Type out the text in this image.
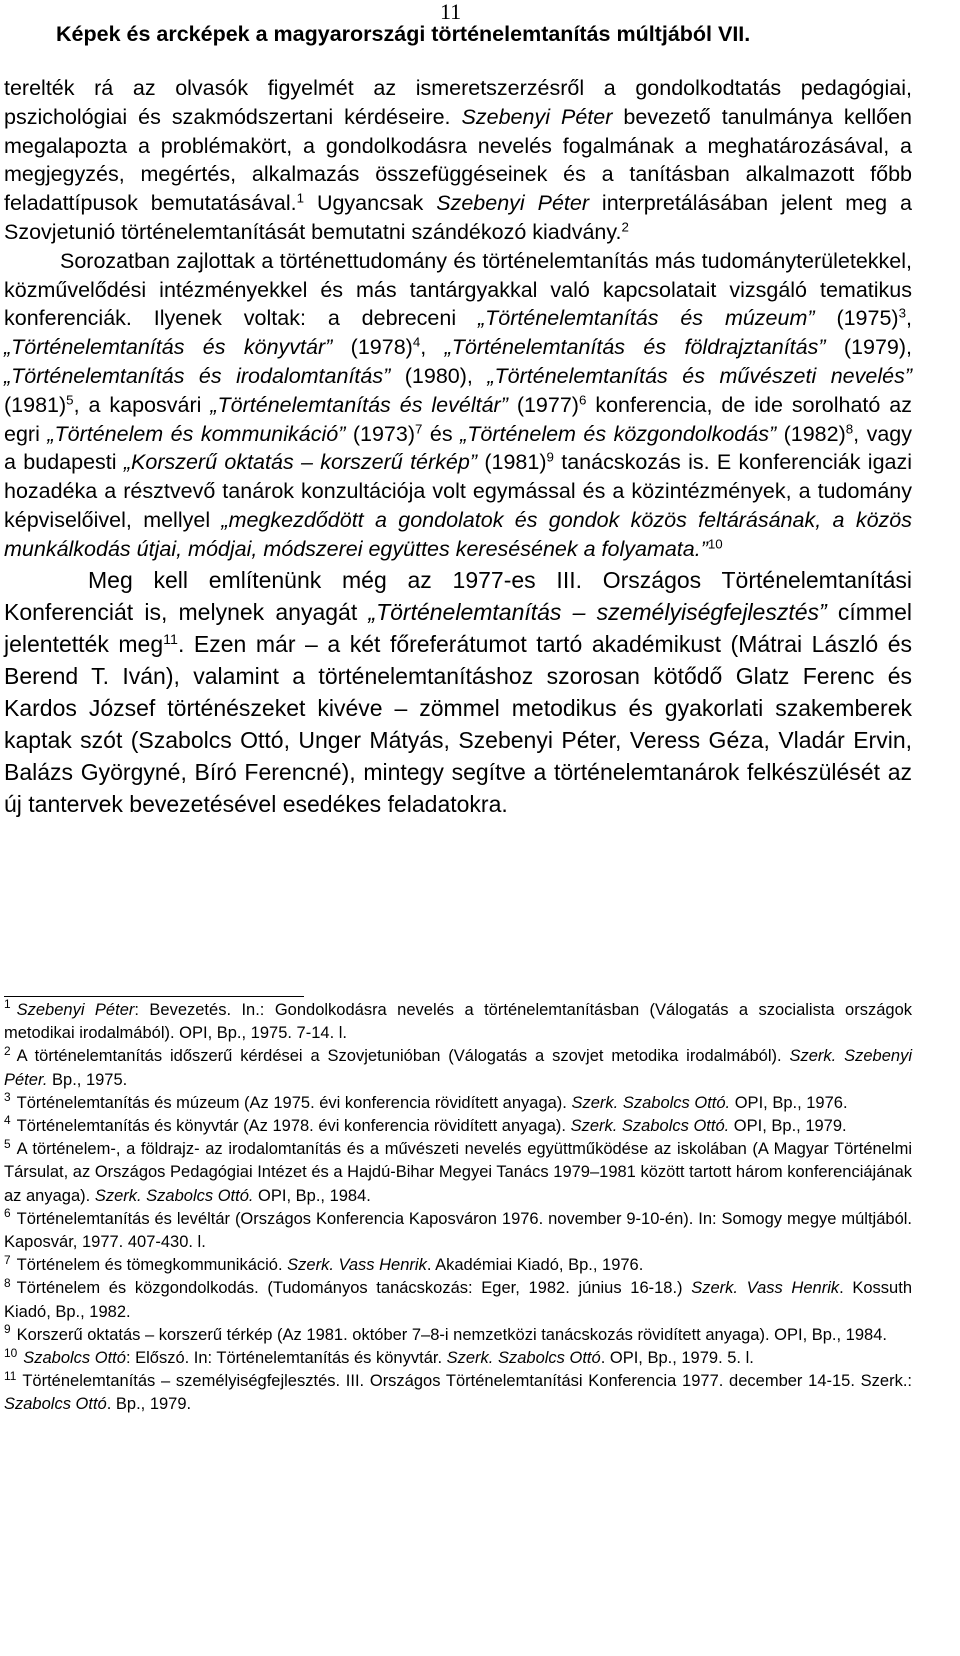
11
Képek és arcképek a magyarországi történelemtanítás múltjából VII.

terelték rá az olvasók figyelmét az ismeretszerzésről a gondolkodtatás pedagógiai, pszichológiai és szakmódszertani kérdéseire. Szebenyi Péter bevezető tanulmánya kellően megalapozta a problémakört, a gondolkodásra nevelés fogalmának a meghatározásával, a megjegyzés, megértés, alkalmazás összefüggéseinek és a tanításban alkalmazott főbb feladattípusok bemutatásával.$^1$ Ugyancsak Szebenyi Péter interpretálásában jelent meg a Szovjetunió történelemtanítását bemutatni szándékozó kiadvány.$^2$

Sorozatban zajlottak a történettudomány és történelemtanítás más tudományterületekkel, közművelődési intézményekkel és más tantárgyakkal való kapcsolatait vizsgáló tematikus konferenciák. Ilyenek voltak: a debreceni „Történelemtanítás és múzeum” $(1975)^3$, „Történelemtanítás és könyvtár” $(1978)^4$, „Történelemtanítás és földrajztanítás” (1979), „Történelemtanítás és irodalomtanítás” (1980), „Történelemtanítás és művészeti nevelés” $(1981)^5$, a kaposvári „Történelemtanítás és levéltár” $(1977)^6$ konferencia, de ide sorolható az egri „Történelem és kommunikáció” $(1973)^7$ és „Történelem és közgondolkodás” $(1982)^8$, vagy a budapesti „Korszerű oktatás – korszerű térkép” $(1981)^9$ tanácskozás is. E konferenciák igazi hozadéka a résztvevő tanárok konzultációja volt egymással és a közintézmények, a tudomány képviselőivel, mellyel „megkezdődött a gondolatok és gondok közös feltárásának, a közös munkálkodás útjai, módjai, módszerei együttes keresésének a folyamata.”$^{10}$

Meg kell említenünk még az 1977-es III. Országos Történelemtanítási Konferenciát is, melynek anyagát „Történelemtanítás – személyiségfejlesztés” címmel jelentették meg$^{11}$. Ezen már – a két főreferátumot tartó akadémikust (Mátrai László és Berend T. Iván), valamint a történelemtanításhoz szorosan kötődő Glatz Ferenc és Kardos József történészeket kivéve – zömmel metodikus és gyakorlati szakemberek kaptak szót (Szabolcs Ottó, Unger Mátyás, Szebenyi Péter, Veress Géza, Vladár Ervin, Balázs Györgyné, Bíró Ferencné), mintegy segítve a történelemtanárok felkészülését az új tantervek bevezetésével esedékes feladatokra.

$^1$ Szebenyi Péter: Bevezetés. In.: Gondolkodásra nevelés a történelemtanításban (Válogatás a szocialista országok metodikai irodalmából). OPI, Bp., 1975. 7-14. l.

$^2$ A történelemtanítás időszerű kérdései a Szovjetunióban (Válogatás a szovjet metodika irodalmából). Szerk. Szebenyi Péter. Bp., 1975.

$^3$ Történelemtanítás és múzeum (Az 1975. évi konferencia rövidített anyaga). Szerk. Szabolcs Ottó. OPI, Bp., 1976.

$^4$ Történelemtanítás és könyvtár (Az 1978. évi konferencia rövidített anyaga). Szerk. Szabolcs Ottó. OPI, Bp., 1979.

$^5$ A történelem-, a földrajz- az irodalomtanítás és a művészeti nevelés együttműködése az iskolában (A Magyar Történelmi Társulat, az Országos Pedagógiai Intézet és a Hajdú-Bihar Megyei Tanács 1979–1981 között tartott három konferenciájának az anyaga). Szerk. Szabolcs Ottó. OPI, Bp., 1984.

$^6$ Történelemtanítás és levéltár (Országos Konferencia Kaposváron 1976. november 9-10-én). In: Somogy megye múltjából. Kaposvár, 1977. 407-430. l.

$^7$ Történelem és tömegkommunikáció. Szerk. Vass Henrik. Akadémiai Kiadó, Bp., 1976.

$^8$ Történelem és közgondolkodás. (Tudományos tanácskozás: Eger, 1982. június 16-18.) Szerk. Vass Henrik. Kossuth Kiadó, Bp., 1982.

$^9$ Korszerű oktatás – korszerű térkép (Az 1981. október 7–8-i nemzetközi tanácskozás rövidített anyaga). OPI, Bp., 1984.

$^{10}$ Szabolcs Ottó: Előszó. In: Történelemtanítás és könyvtár. Szerk. Szabolcs Ottó. OPI, Bp., 1979. 5. l.

$^{11}$ Történelemtanítás – személyiségfejlesztés. III. Országos Történelemtanítási Konferencia 1977. december 14-15. Szerk.: Szabolcs Ottó. Bp., 1979.
